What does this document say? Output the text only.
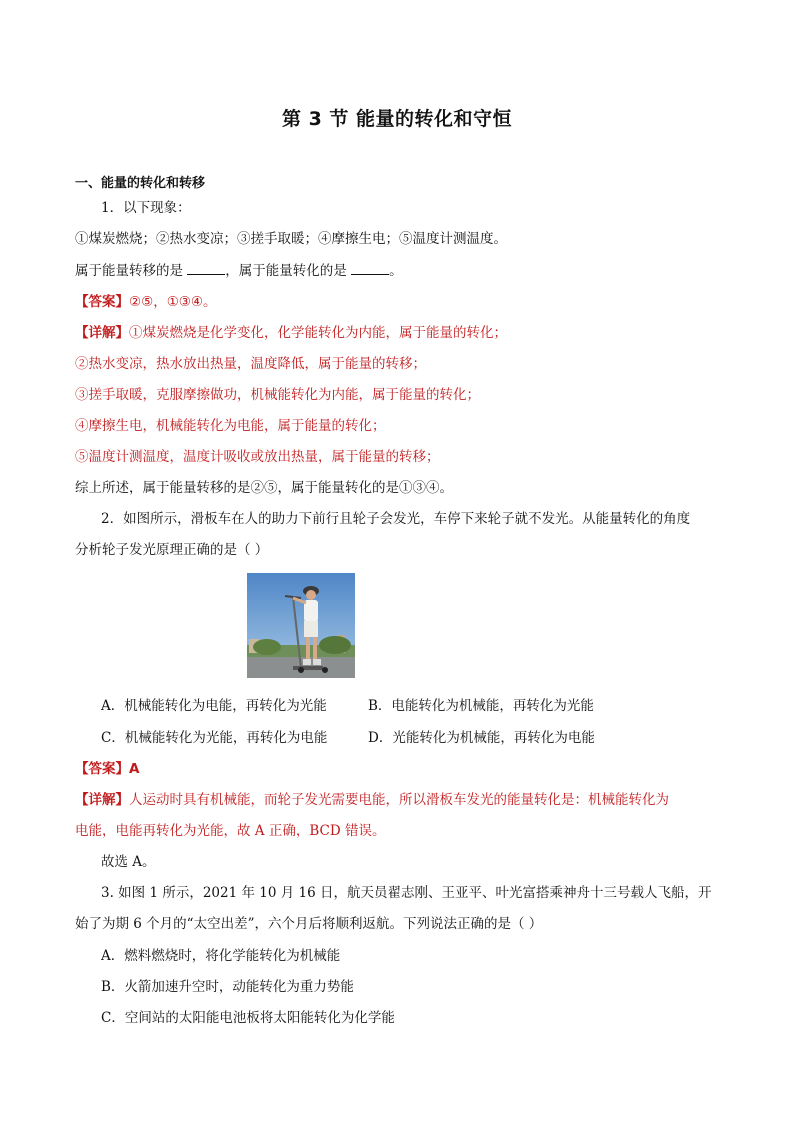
第 3 节 能量的转化和守恒
一、能量的转化和转移
1．以下现象：
①煤炭燃烧；②热水变凉；③搓手取暖；④摩擦生电；⑤温度计测温度。
属于能量转移的是	，属于能量转化的是	。
【答案】②⑤，①③④。
【详解】①煤炭燃烧是化学变化，化学能转化为内能，属于能量的转化；
②热水变凉，热水放出热量，温度降低，属于能量的转移；
③搓手取暖，克服摩擦做功，机械能转化为内能，属于能量的转化；
④摩擦生电，机械能转化为电能，属于能量的转化；
⑤温度计测温度，温度计吸收或放出热量，属于能量的转移；
综上所述，属于能量转移的是②⑤，属于能量转化的是①③④。
2．如图所示，滑板车在人的助力下前行且轮子会发光，车停下来轮子就不发光。从能量转化的角度
分析轮子发光原理正确的是（ ）
A．机械能转化为电能，再转化为光能	B．电能转化为机械能，再转化为光能
C．机械能转化为光能，再转化为电能	D．光能转化为机械能，再转化为电能
【答案】A
【详解】人运动时具有机械能，而轮子发光需要电能，所以滑板车发光的能量转化是：机械能转化为
电能，电能再转化为光能，故 A 正确，BCD 错误。
故选 A。
3. 如图 1 所示，2021 年 10 月 16 日，航天员翟志刚、王亚平、叶光富搭乘神舟十三号载人飞船，开
始了为期 6 个月的“太空出差”，六个月后将顺利返航。下列说法正确的是（ ）
A．燃料燃烧时，将化学能转化为机械能
B．火箭加速升空时，动能转化为重力势能
C．空间站的太阳能电池板将太阳能转化为化学能
